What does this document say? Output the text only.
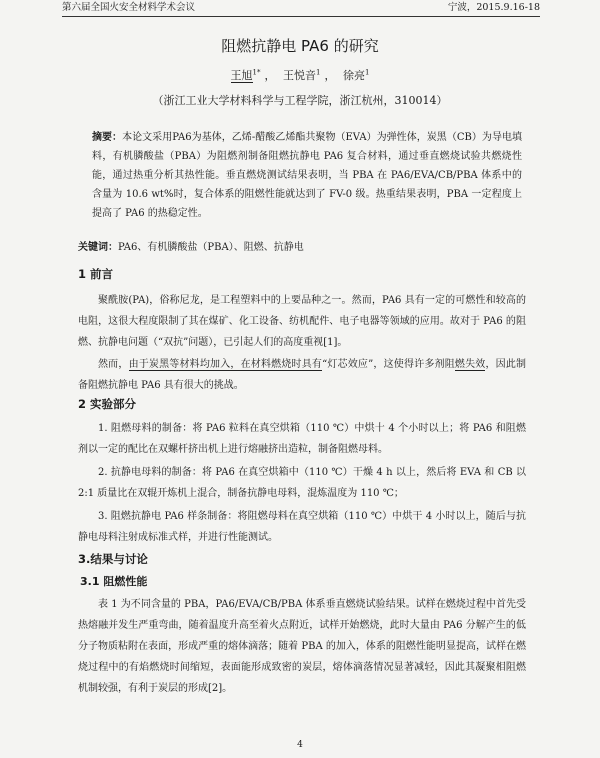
第六届全国火安全材料学术会议	宁波，2015.9.16-18
阻燃抗静电 PA6 的研究
王旭$^{1*}$ ， 王悦音$^1$ ， 徐亮$^1$
（浙江工业大学材料科学与工程学院，浙江杭州，310014）
摘要：本论文采用PA6为基体，乙烯-醋酸乙烯酯共聚物（EVA）为弹性体，炭黑（CB）为导电填料，有机膦酸盐（PBA）为阻燃剂制备阻燃抗静电 PA6 复合材料，通过垂直燃烧试验共燃烧性能，通过热重分析其热性能。垂直燃烧测试结果表明，当 PBA 在 PA6/EVA/CB/PBA 体系中的含量为 10.6 wt%时，复合体系的阻燃性能就达到了 FV-0 级。热重结果表明，PBA 一定程度上提高了 PA6 的热稳定性。
关键词：PA6、有机膦酸盐（PBA）、阻燃、抗静电
1 前言
聚酰胺(PA)，俗称尼龙，是工程塑料中的上要品种之一。然而，PA6 具有一定的可燃性和较高的电阻，这很大程度限制了其在煤矿、化工设备、纺机配件、电子电器等领域的应用。故对于 PA6 的阻燃、抗静电问题（“双抗”问题），已引起人们的高度重视[1]。
然而，由于炭黑等材料均加入，在材料燃烧时具有“灯芯效应”，这使得许多剂阻燃失效，因此制备阻燃抗静电 PA6 具有很大的挑战。
2 实验部分
1. 阻燃母料的制备：将 PA6 粒料在真空烘箱（110 ℃）中烘十 4 个小时以上；将 PA6 和阻燃剂以一定的配比在双螺杆挤出机上进行熔融挤出造粒，制备阻燃母料。
2. 抗静电母料的制备：将 PA6 在真空烘箱中（110 ℃）干燥 4 h 以上，然后将 EVA 和 CB 以 2:1 质量比在双辊开炼机上混合，制备抗静电母料，混炼温度为 110 ℃；
3. 阻燃抗静电 PA6 样条制备：将阻燃母料在真空烘箱（110 ℃）中烘干 4 小时以上，随后与抗静电母料注射成标准式样，并进行性能测试。
3.结果与讨论
3.1 阻燃性能
表 1 为不同含量的 PBA，PA6/EVA/CB/PBA 体系垂直燃烧试验结果。试样在燃烧过程中首先受热熔融并发生严重弯曲，随着温度升高至着火点附近，试样开始燃烧，此时大量由 PA6 分解产生的低分子物质粘附在表面，形成严重的熔体滴落；随着 PBA 的加入，体系的阻燃性能明显提高，试样在燃烧过程中的有焰燃烧时间缩短，表面能形成致密的炭层，熔体滴落情况显著减轻，因此其凝聚相阻燃机制较强，有利于炭层的形成[2]。
4
